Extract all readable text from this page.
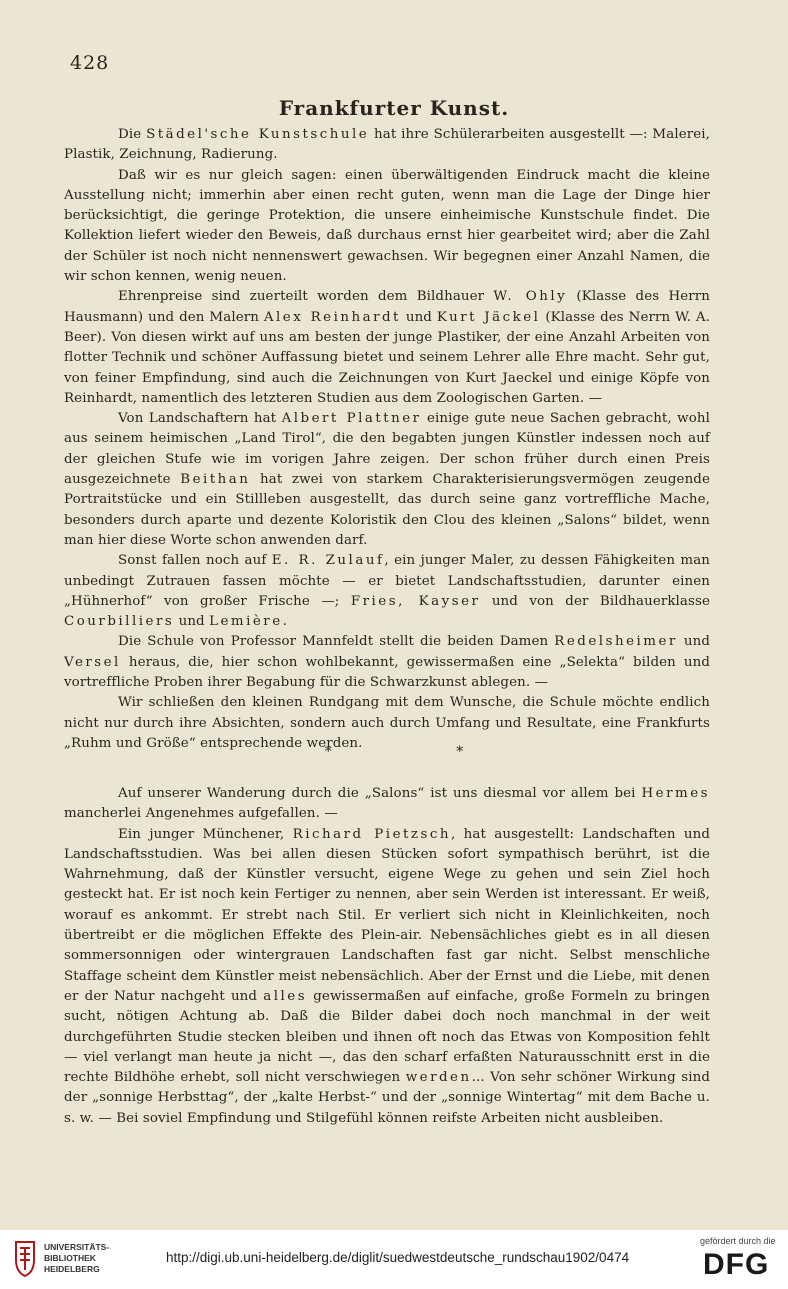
428
Frankfurter Kunst.

Die Städel'sche Kunstschule hat ihre Schülerarbeiten ausgestellt —: Malerei, Plastik, Zeichnung, Radierung.

Daß wir es nur gleich sagen: einen überwältigenden Eindruck macht die kleine Ausstellung nicht; immerhin aber einen recht guten, wenn man die Lage der Dinge hier berücksichtigt, die geringe Protektion, die unsere einheimische Kunstschule findet. Die Kollektion liefert wieder den Beweis, daß durchaus ernst hier gearbeitet wird; aber die Zahl der Schüler ist noch nicht nennenswert gewachsen. Wir begegnen einer Anzahl Namen, die wir schon kennen, wenig neuen.

Ehrenpreise sind zuerteilt worden dem Bildhauer W. Ohly (Klasse des Herrn Hausmann) und den Malern Alex Reinhardt und Kurt Jäckel (Klasse des Nerrn W. A. Beer). Von diesen wirkt auf uns am besten der junge Plastiker, der eine Anzahl Arbeiten von flotter Technik und schöner Auffassung bietet und seinem Lehrer alle Ehre macht. Sehr gut, von feiner Empfindung, sind auch die Zeichnungen von Kurt Jaeckel und einige Köpfe von Reinhardt, namentlich des letzteren Studien aus dem Zoologischen Garten. —

Von Landschaftern hat Albert Plattner einige gute neue Sachen gebracht, wohl aus seinem heimischen „Land Tirol“, die den begabten jungen Künstler indessen noch auf der gleichen Stufe wie im vorigen Jahre zeigen. Der schon früher durch einen Preis ausgezeichnete Beithan hat zwei von starkem Charakterisierungsvermögen zeugende Portraitstücke und ein Stillleben ausgestellt, das durch seine ganz vortreffliche Mache, besonders durch aparte und dezente Koloristik den Clou des kleinen „Salons“ bildet, wenn man hier diese Worte schon anwenden darf.

Sonst fallen noch auf E. R. Zulauf, ein junger Maler, zu dessen Fähigkeiten man unbedingt Zutrauen fassen möchte — er bietet Landschaftsstudien, darunter einen „Hühnerhof“ von großer Frische —; Fries, Kayser und von der Bildhauerklasse Courbilliers und Lemière.

Die Schule von Professor Mannfeldt stellt die beiden Damen Redelsheimer und Versel heraus, die, hier schon wohlbekannt, gewissermaßen eine „Selekta“ bilden und vortreffliche Proben ihrer Begabung für die Schwarzkunst ablegen. —

Wir schließen den kleinen Rundgang mit dem Wunsche, die Schule möchte endlich nicht nur durch ihre Absichten, sondern auch durch Umfang und Resultate, eine Frankfurts „Ruhm und Größe“ entsprechende werden.

* *

Auf unserer Wanderung durch die „Salons“ ist uns diesmal vor allem bei Hermes mancherlei Angenehmes aufgefallen. —

Ein junger Münchener, Richard Pietzsch, hat ausgestellt: Landschaften und Landschaftsstudien. Was bei allen diesen Stücken sofort sympathisch berührt, ist die Wahrnehmung, daß der Künstler versucht, eigene Wege zu gehen und sein Ziel hoch gesteckt hat. Er ist noch kein Fertiger zu nennen, aber sein Werden ist interessant. Er weiß, worauf es ankommt. Er strebt nach Stil. Er verliert sich nicht in Kleinlichkeiten, noch übertreibt er die möglichen Effekte des Plein-air. Nebensächliches giebt es in all diesen sommersonnigen oder wintergrauen Landschaften fast gar nicht. Selbst menschliche Staffage scheint dem Künstler meist nebensächlich. Aber der Ernst und die Liebe, mit denen er der Natur nachgeht und alles gewissermaßen auf einfache, große Formeln zu bringen sucht, nötigen Achtung ab. Daß die Bilder dabei doch noch manchmal in der weit durchgeführten Studie stecken bleiben und ihnen oft noch das Etwas von Komposition fehlt — viel verlangt man heute ja nicht —, das den scharf erfaßten Naturausschnitt erst in die rechte Bildhöhe erhebt, soll nicht verschwiegen werden... Von sehr schöner Wirkung sind der „sonnige Herbsttag“, der „kalte Herbst-“ und der „sonnige Wintertag“ mit dem Bache u. s. w. — Bei soviel Empfindung und Stilgefühl können reifste Arbeiten nicht ausbleiben.

UNIVERSITÄTS-
BIBLIOTHEK
HEIDELBERG
http://digi.ub.uni-heidelberg.de/diglit/suedwestdeutsche_rundschau1902/0474
gefördert durch die
DFG
